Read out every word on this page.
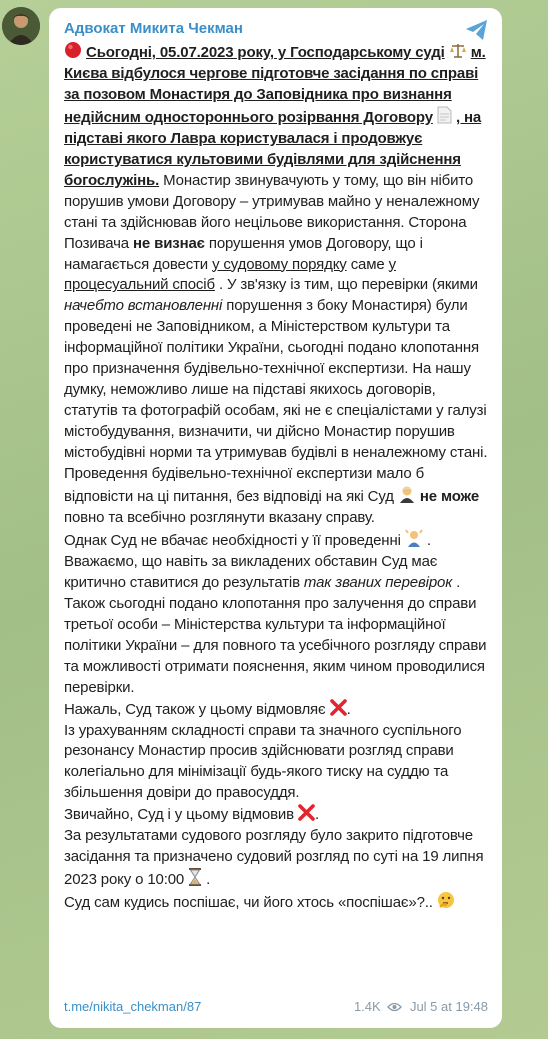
Адвокат Микита Чекман

Сьогодні, 05.07.2023 року, у Господарському суді м. Києва відбулося чергове підготовче засідання по справі за позовом Монастиря до Заповідника про визнання недійсним одностороннього розірвання Договору , на підставі якого Лавра користувалася і продовжує користуватися культовими будівлями для здійснення богослужінь. Монастир звинувачують у тому, що він нібито порушив умови Договору – утримував майно у неналежному стані та здійснював його нецільове використання. Сторона Позивача не визнає порушення умов Договору, що і намагається довести у судовому порядку саме у процесуальний спосіб . У зв'язку із тим, що перевірки (якими начебто встановленні порушення з боку Монастиря) були проведені не Заповідником, а Міністерством культури та інформаційної політики України, сьогодні подано клопотання про призначення будівельно-технічної експертизи. На нашу думку, неможливо лише на підставі якихось договорів, статутів та фотографій особам, які не є спеціалістами у галузі містобудування, визначити, чи дійсно Монастир порушив містобудівні норми та утримував будівлі в неналежному стані.

Проведення будівельно-технічної експертизи мало б відповісти на ці питання, без відповіді на які Суд  не може повно та всебічно розглянути вказану справу.

Однак Суд не вбачає необхідності у її проведенні  .

Вважаємо, що навіть за викладених обставин Суд має критично ставитися до результатів так званих перевірок .

Також сьогодні подано клопотання про залучення до справи третьої особи – Міністерства культури та інформаційної політики України – для повного та усебічного розгляду справи та можливості отримати пояснення, яким чином проводилися перевірки.

Нажаль, Суд також у цьому відмовляє .

Із урахуванням складності справи та значного суспільного резонансу Монастир просив здійснювати розгляд справи колегіально для мінімізації будь-якого тиску на суддю та збільшення довіри до правосуддя.

Звичайно, Суд і у цьому відмовив .

За результатами судового розгляду було закрито підготовче засідання та призначено судовий розгляд по суті на 19 липня 2023 року о 10:00  .

Суд сам кудись поспішає, чи його хтось «поспішає»?..

t.me/nikita_chekman/87	1.4K Jul 5 at 19:48
